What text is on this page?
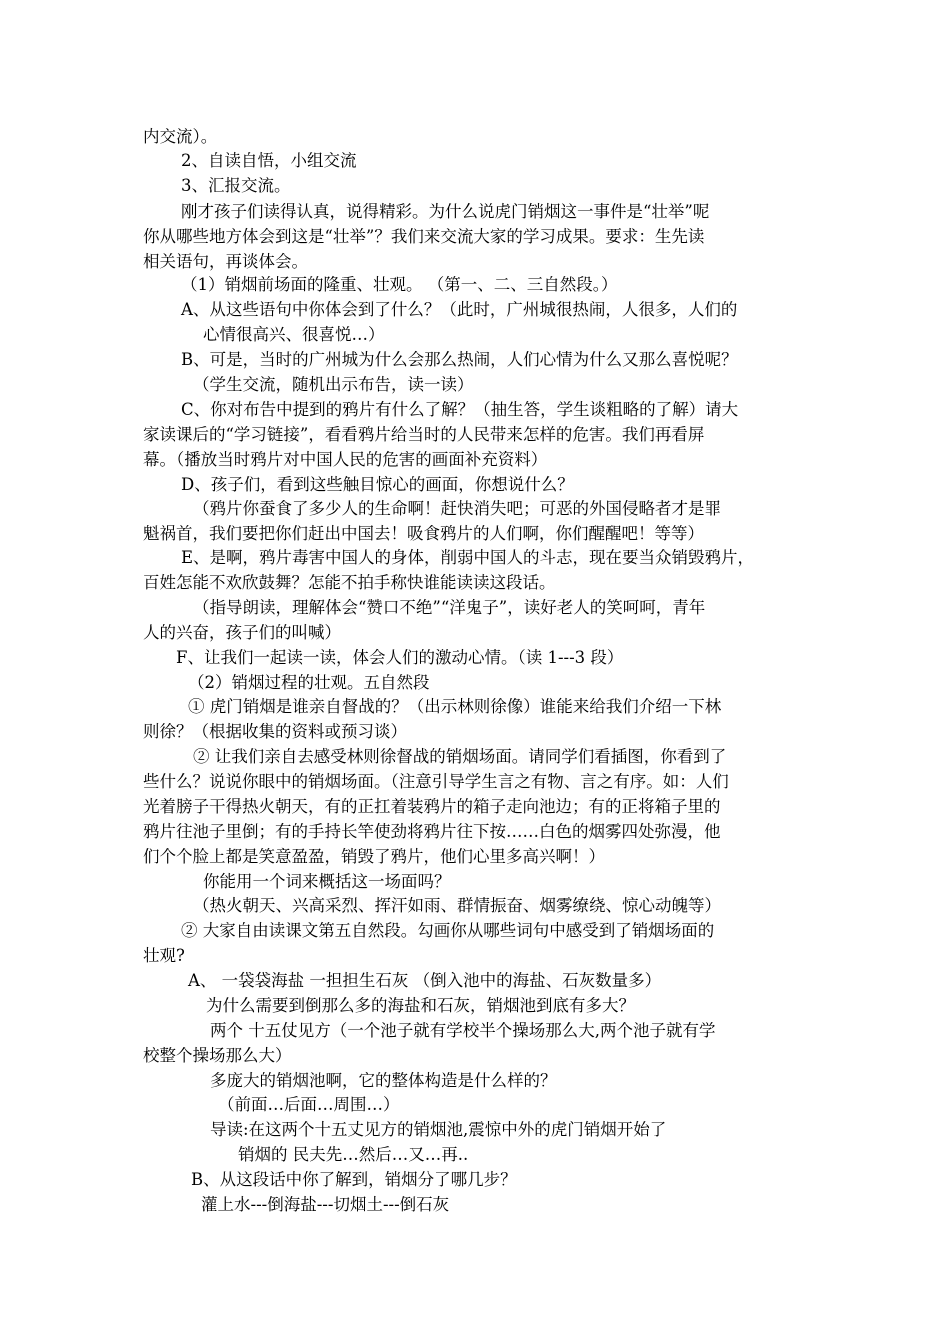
内交流）。
2、自读自悟，小组交流
3、汇报交流。
刚才孩子们读得认真，说得精彩。为什么说虎门销烟这一事件是“壮举”呢
你从哪些地方体会到这是“壮举”？我们来交流大家的学习成果。要求：生先读
相关语句，再谈体会。
（1）销烟前场面的隆重、壮观。 （第一、二、三自然段。）
A、从这些语句中你体会到了什么？（此时，广州城很热闹，人很多，人们的
心情很高兴、很喜悦…）
B、可是，当时的广州城为什么会那么热闹，人们心情为什么又那么喜悦呢？
（学生交流，随机出示布告，读一读）
C、你对布告中提到的鸦片有什么了解？（抽生答，学生谈粗略的了解）请大
家读课后的“学习链接”，看看鸦片给当时的人民带来怎样的危害。我们再看屏
幕。（播放当时鸦片对中国人民的危害的画面补充资料）
D、孩子们，看到这些触目惊心的画面，你想说什么？
（鸦片你蚕食了多少人的生命啊！赶快消失吧；可恶的外国侵略者才是罪
魁祸首，我们要把你们赶出中国去！吸食鸦片的人们啊，你们醒醒吧！等等）
E、是啊，鸦片毒害中国人的身体，削弱中国人的斗志，现在要当众销毁鸦片，
百姓怎能不欢欣鼓舞？怎能不拍手称快谁能读读这段话。
（指导朗读，理解体会“赞口不绝”“洋鬼子”，读好老人的笑呵呵，青年
人的兴奋，孩子们的叫喊）
F、让我们一起读一读，体会人们的激动心情。（读 1---3 段）
（2）销烟过程的壮观。五自然段
① 虎门销烟是谁亲自督战的？（出示林则徐像）谁能来给我们介绍一下林
则徐？（根据收集的资料或预习谈）
② 让我们亲自去感受林则徐督战的销烟场面。请同学们看插图，你看到了
些什么？说说你眼中的销烟场面。（注意引导学生言之有物、言之有序。如：人们
光着膀子干得热火朝天，有的正扛着装鸦片的箱子走向池边；有的正将箱子里的
鸦片往池子里倒；有的手持长竿使劲将鸦片往下按……白色的烟雾四处弥漫，他
们个个脸上都是笑意盈盈，销毁了鸦片，他们心里多高兴啊！）
你能用一个词来概括这一场面吗？
（热火朝天、兴高采烈、挥汗如雨、群情振奋、烟雾缭绕、惊心动魄等）
② 大家自由读课文第五自然段。勾画你从哪些词句中感受到了销烟场面的
壮观?
A、 一袋袋海盐 一担担生石灰 （倒入池中的海盐、石灰数量多）
为什么需要到倒那么多的海盐和石灰，销烟池到底有多大？
两个 十五仗见方（一个池子就有学校半个操场那么大,两个池子就有学
校整个操场那么大）
多庞大的销烟池啊，它的整体构造是什么样的？
（前面…后面…周围…）
导读:在这两个十五丈见方的销烟池,震惊中外的虎门销烟开始了
销烟的 民夫先…然后…又…再..
B、从这段话中你了解到，销烟分了哪几步？
灌上水---倒海盐---切烟土---倒石灰
